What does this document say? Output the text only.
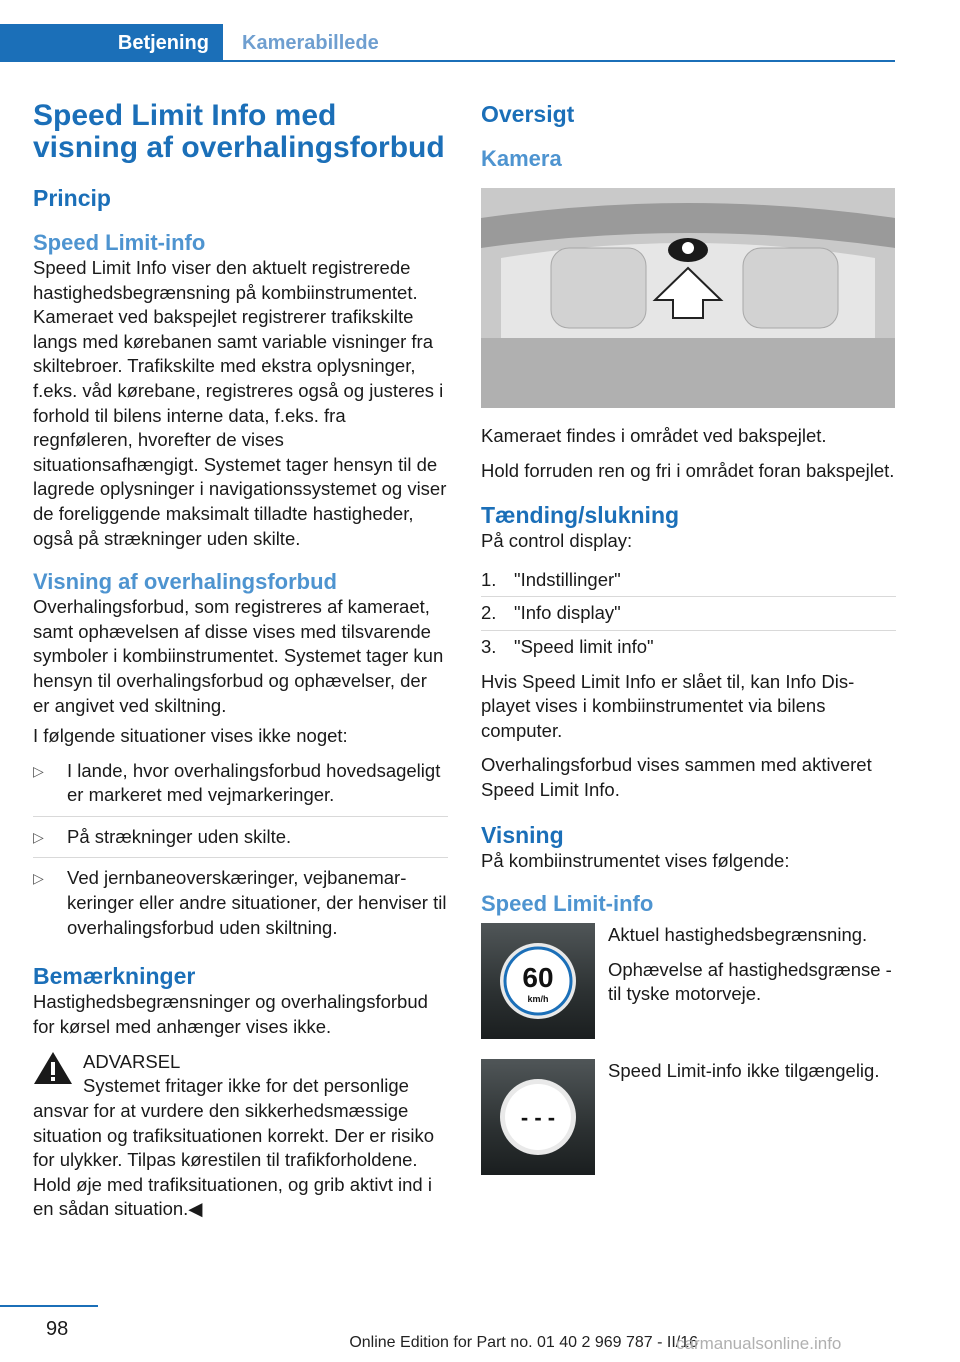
Betjening	Kamerabillede
Speed Limit Info med visning af overhalingsforbud
Princip
Speed Limit-info
Speed Limit Info viser den aktuelt registrerede hastighedsbegrænsning på kombiinstrumentet. Kameraet ved bakspejlet registrerer trafikskilte langs med kørebanen samt variable visninger fra skiltebroer. Trafikskilte med ekstra oplysninger, f.eks. våd kørebane, registreres også og justeres i forhold til bilens interne data, f.eks. fra regnføleren, hvorefter de vises situationsafhængigt. Systemet tager hensyn til de lagrede oplysninger i navigationssystemet og viser de foreliggende maksimalt tilladte hastigheder, også på strækninger uden skilte.
Visning af overhalingsforbud
Overhalingsforbud, som registreres af kameraet, samt ophævelsen af disse vises med tilsvarende symboler i kombiinstrumentet. Systemet tager kun hensyn til overhalingsforbud og ophævelser, der er angivet ved skiltning.
I følgende situationer vises ikke noget:
▷ I lande, hvor overhalingsforbud hovedsageligt er markeret med vejmarkeringer.
▷ På strækninger uden skilte.
▷ Ved jernbaneoverskæringer, vejbanemarkeringer eller andre situationer, der henviser til overhalingsforbud uden skiltning.
Bemærkninger
Hastighedsbegrænsninger og overhalingsforbud for kørsel med anhænger vises ikke.
ADVARSEL
Systemet fritager ikke for det personlige ansvar for at vurdere den sikkerhedsmæssige situation og trafiksituationen korrekt. Der er risiko for ulykker. Tilpas kørestilen til trafikforholdene. Hold øje med trafiksituationen, og grib aktivt ind i en sådan situation.◀
Oversigt
Kamera
Kameraet findes i området ved bakspejlet.
Hold forruden ren og fri i området foran bakspejlet.
Tænding/slukning
På control display:
1. "Indstillinger"
2. "Info display"
3. "Speed limit info"
Hvis Speed Limit Info er slået til, kan Info Displayet vises i kombiinstrumentet via bilens computer.
Overhalingsforbud vises sammen med aktiveret Speed Limit Info.
Visning
På kombiinstrumentet vises følgende:
Speed Limit-info
60
km/h
Aktuel hastighedsbegrænsning.
Ophævelse af hastighedsgrænse - til tyske motorveje.
- - -
Speed Limit-info ikke tilgængelig.
98
Online Edition for Part no. 01 40 2 969 787 - II/16
carmanualsonline.info
